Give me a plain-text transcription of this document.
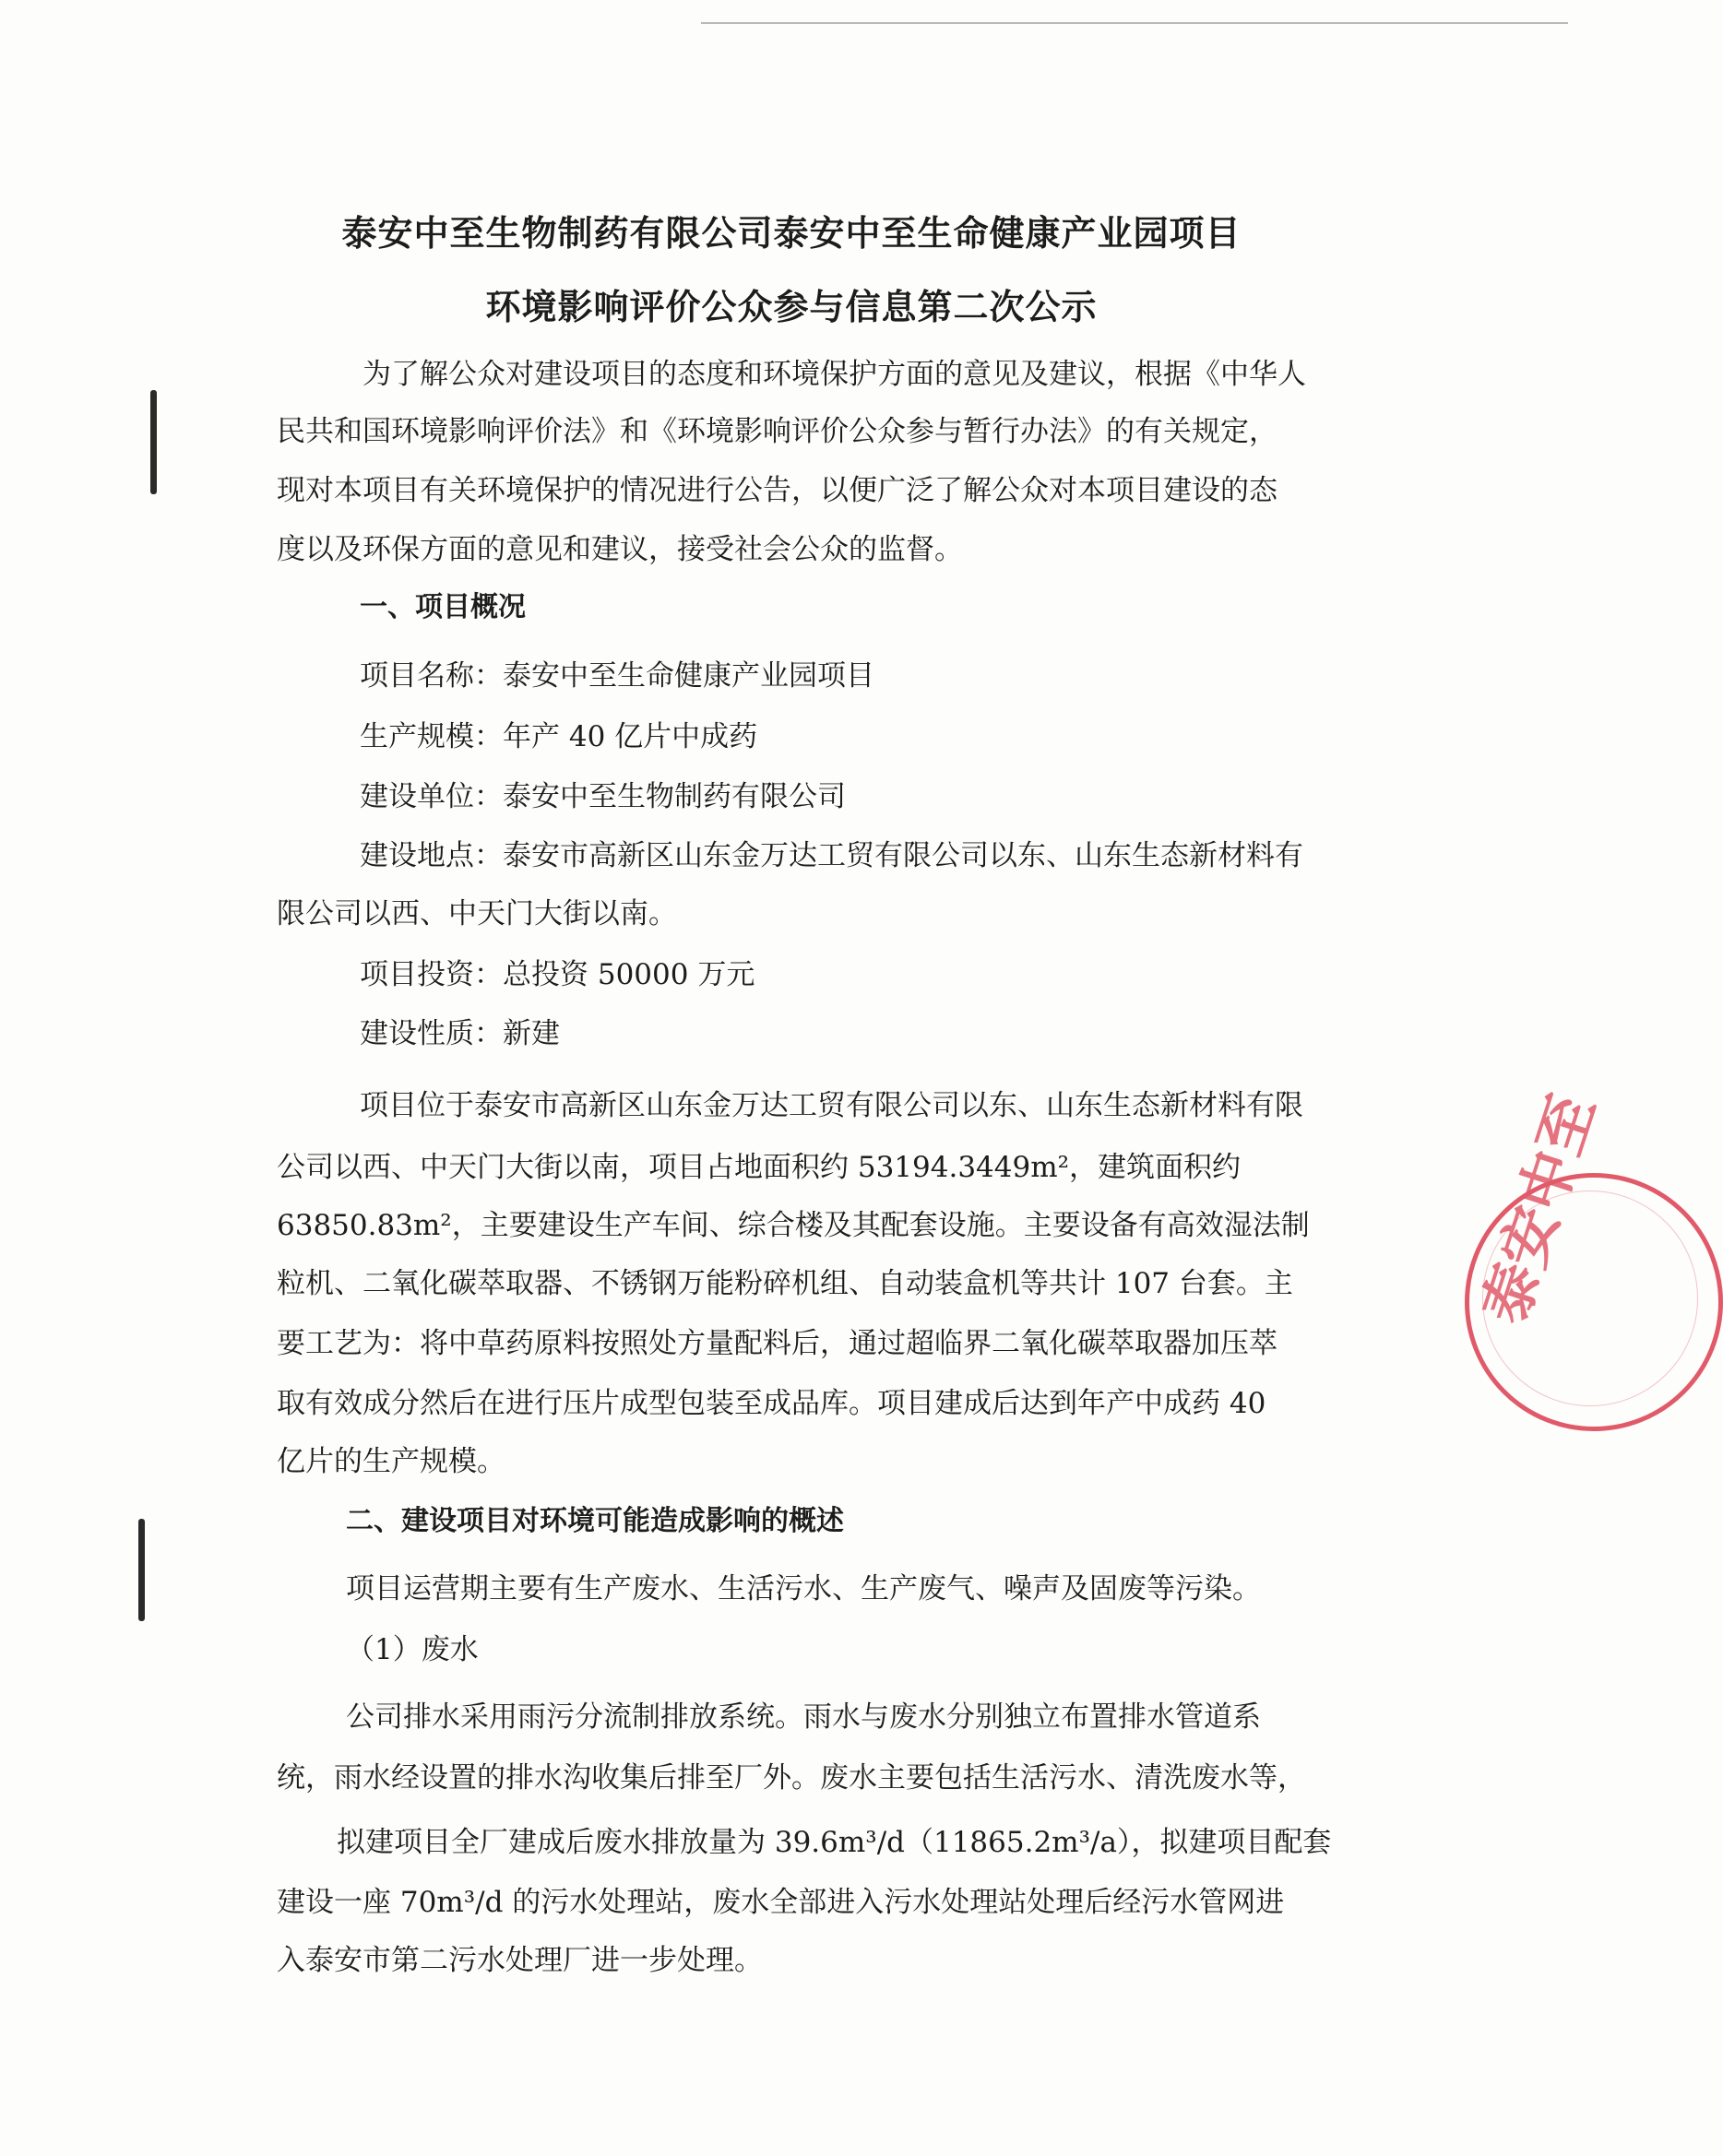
泰安中至生物制药有限公司泰安中至生命健康产业园项目
环境影响评价公众参与信息第二次公示
为了解公众对建设项目的态度和环境保护方面的意见及建议，根据《中华人
民共和国环境影响评价法》和《环境影响评价公众参与暂行办法》的有关规定，
现对本项目有关环境保护的情况进行公告，以便广泛了解公众对本项目建设的态
度以及环保方面的意见和建议，接受社会公众的监督。
一、项目概况
项目名称：泰安中至生命健康产业园项目
生产规模：年产 40 亿片中成药
建设单位：泰安中至生物制药有限公司
建设地点：泰安市高新区山东金万达工贸有限公司以东、山东生态新材料有
限公司以西、中天门大街以南。
项目投资：总投资 50000 万元
建设性质：新建
项目位于泰安市高新区山东金万达工贸有限公司以东、山东生态新材料有限
公司以西、中天门大街以南，项目占地面积约 53194.3449m²，建筑面积约
63850.83m²，主要建设生产车间、综合楼及其配套设施。主要设备有高效湿法制
粒机、二氧化碳萃取器、不锈钢万能粉碎机组、自动装盒机等共计 107 台套。主
要工艺为：将中草药原料按照处方量配料后，通过超临界二氧化碳萃取器加压萃
取有效成分然后在进行压片成型包装至成品库。项目建成后达到年产中成药 40
亿片的生产规模。
二、建设项目对环境可能造成影响的概述
项目运营期主要有生产废水、生活污水、生产废气、噪声及固废等污染。
（1）废水
公司排水采用雨污分流制排放系统。雨水与废水分别独立布置排水管道系
统，雨水经设置的排水沟收集后排至厂外。废水主要包括生活污水、清洗废水等，
拟建项目全厂建成后废水排放量为 39.6m³/d（11865.2m³/a），拟建项目配套
建设一座 70m³/d 的污水处理站，废水全部进入污水处理站处理后经污水管网进
入泰安市第二污水处理厂进一步处理。
泰安中至
